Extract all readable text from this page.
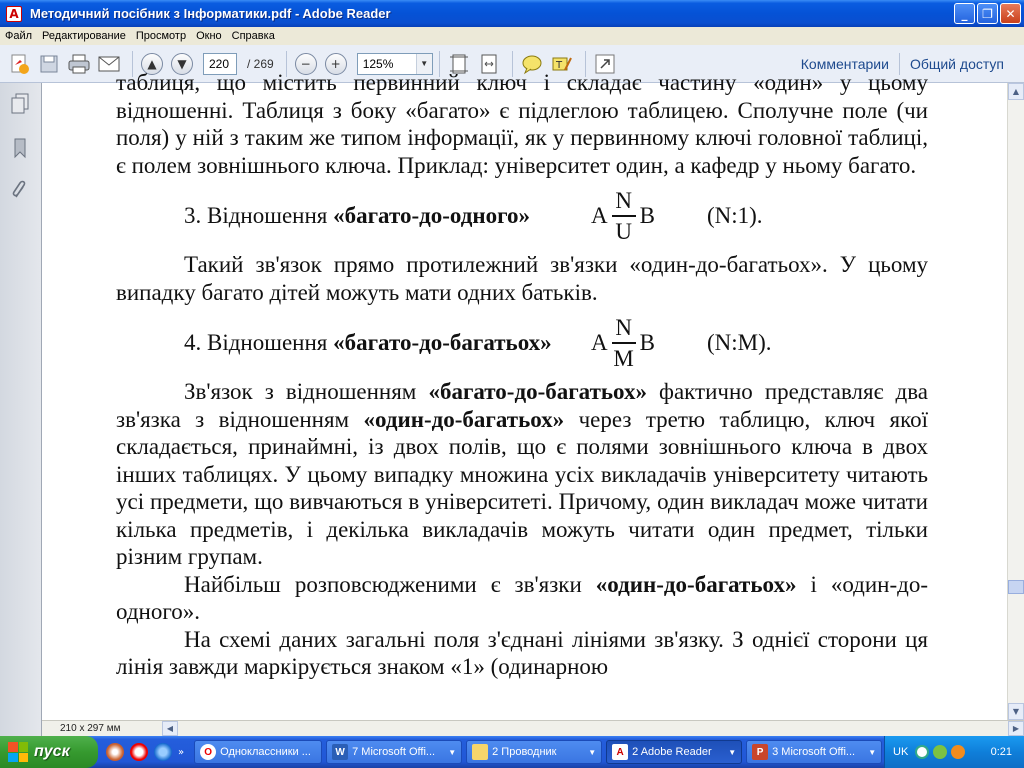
A Методичний посібник з Інформатики.pdf - Adobe Reader	_	❐	✕
Файл Редактирование Просмотр Окно Справка
▲	▼	220	/ 269	−	+	125%	▼	T	Комментарии	Общий доступ

таблиця, що містить первинний ключ і складає частину «один» у цьому відношенні. Таблиця з боку «багато» є підлеглою таблицею. Сполучне поле (чи поля) у ній з таким же типом інформації, як у первинному ключі головної таблиці, є полем зовнішнього ключа. Приклад: університет один, а кафедр у ньому багато.

3. Відношення «багато-до-одного»	A
N
U
B (N:1).

Такий зв'язок прямо протилежний зв'язки «один-до-багатьох». У цьому випадку багато дітей можуть мати одних батьків.

4. Відношення «багато-до-багатьох»	A
N
M
B (N:M).

Зв'язок з відношенням «багато-до-багатьох» фактично представляє два зв'язка з відношенням «один-до-багатьох» через третю таблицю, ключ якої складається, принаймні, із двох полів, що є полями зовнішнього ключа в двох інших таблицях. У цьому випадку множина усіх викладачів університету читають усі предмети, що вивчаються в університеті. Причому, один викладач може читати кілька предметів, і декілька викладачів можуть читати один предмет, тільки різним групам.

Найбільш розповсюдженими є зв'язки «один-до-багатьох» і «один-до-одного».

На схемі даних загальні поля з'єднані лініями зв'язку. З однієї сторони ця лінія завжди маркірується знаком «1» (одинарною

▲
▼
210 x 297 мм	◀	▶
пуск	»	O Одноклассники ...	W 7 Microsoft Offi...	▼	2 Проводник	▼	A 2 Adobe Reader	▼	P 3 Microsoft Offi...	▼	UK	0:21
